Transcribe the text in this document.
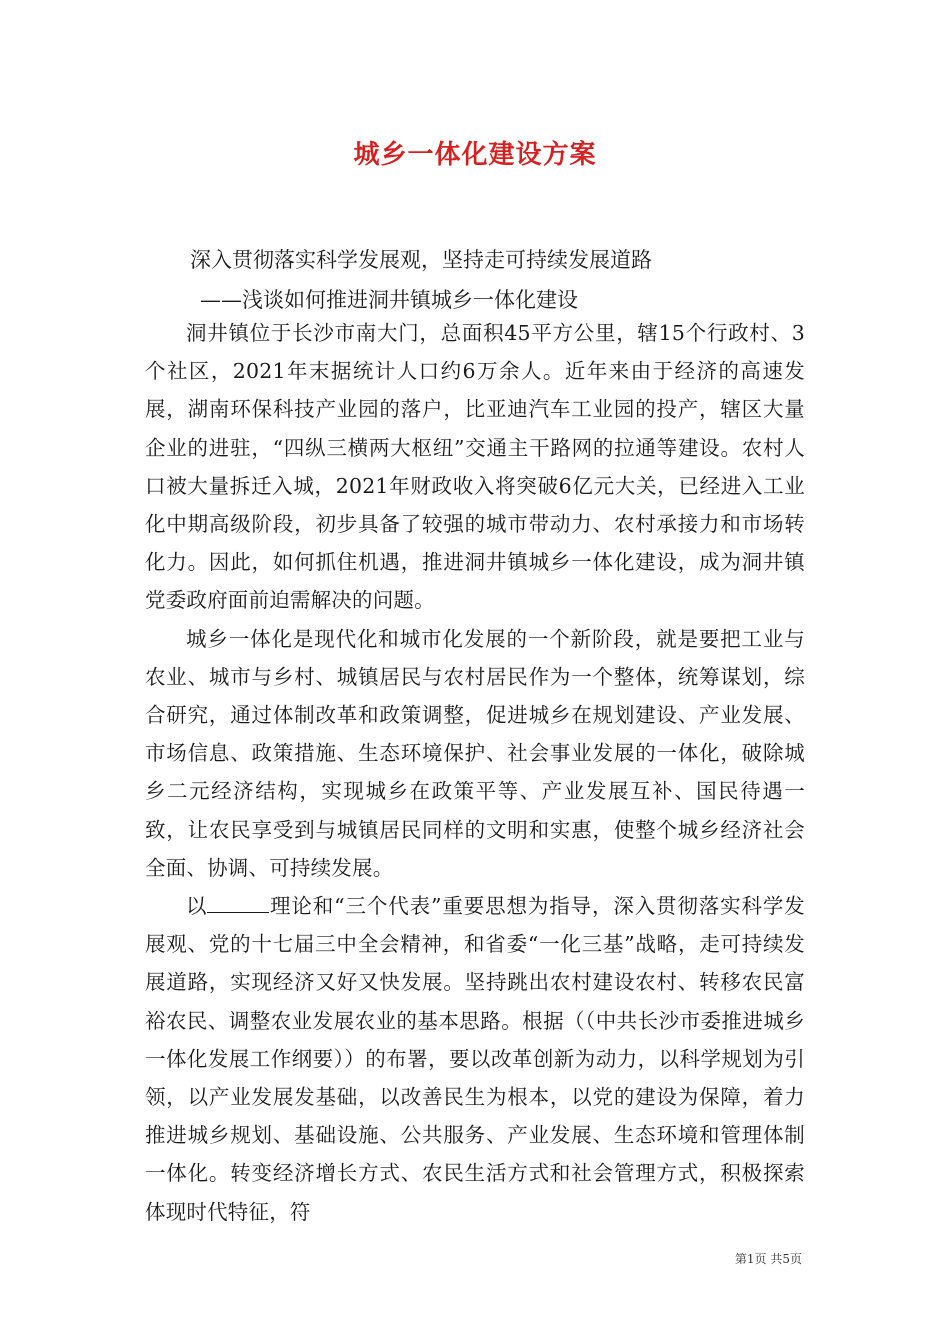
城乡一体化建设方案

深入贯彻落实科学发展观，坚持走可持续发展道路

——浅谈如何推进洞井镇城乡一体化建设

洞井镇位于长沙市南大门，总面积45平方公里，辖15个行政村、3个社区，2021年末据统计人口约6万余人。近年来由于经济的高速发展，湖南环保科技产业园的落户，比亚迪汽车工业园的投产，辖区大量企业的进驻，“四纵三横两大枢纽”交通主干路网的拉通等建设。农村人口被大量拆迁入城，2021年财政收入将突破6亿元大关，已经进入工业化中期高级阶段，初步具备了较强的城市带动力、农村承接力和市场转化力。因此，如何抓住机遇，推进洞井镇城乡一体化建设，成为洞井镇党委政府面前迫需解决的问题。

城乡一体化是现代化和城市化发展的一个新阶段，就是要把工业与农业、城市与乡村、城镇居民与农村居民作为一个整体，统筹谋划，综合研究，通过体制改革和政策调整，促进城乡在规划建设、产业发展、市场信息、政策措施、生态环境保护、社会事业发展的一体化，破除城乡二元经济结构，实现城乡在政策平等、产业发展互补、国民待遇一致，让农民享受到与城镇居民同样的文明和实惠，使整个城乡经济社会全面、协调、可持续发展。

以	理论和“三个代表”重要思想为指导，深入贯彻落实科学发展观、党的十七届三中全会精神，和省委“一化三基”战略，走可持续发展道路，实现经济又好又快发展。坚持跳出农村建设农村、转移农民富裕农民、调整农业发展农业的基本思路。根据（（中共长沙市委推进城乡一体化发展工作纲要））的布署，要以改革创新为动力，以科学规划为引领，以产业发展发基础，以改善民生为根本，以党的建设为保障，着力推进城乡规划、基础设施、公共服务、产业发展、生态环境和管理体制一体化。转变经济增长方式、农民生活方式和社会管理方式，积极探索体现时代特征，符

第1页 共5页
